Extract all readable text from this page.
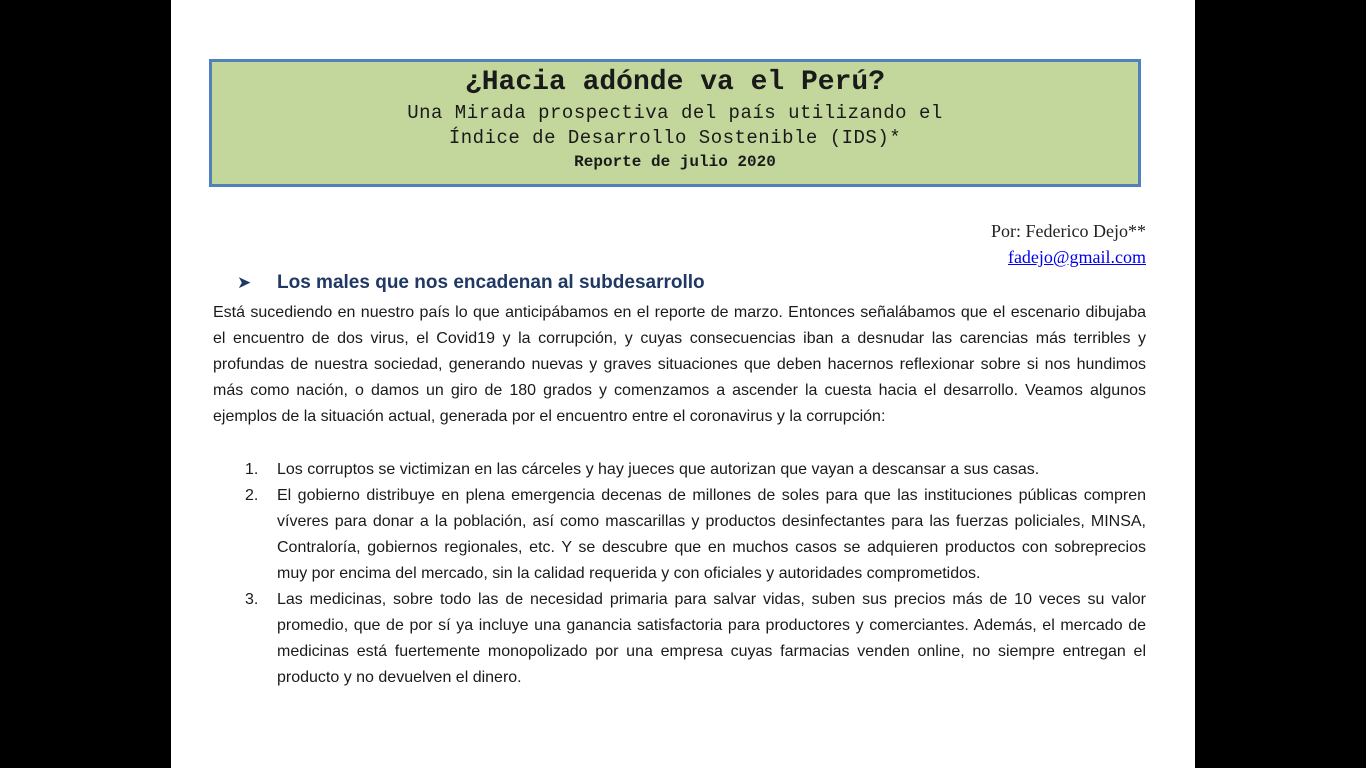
¿Hacia adónde va el Perú?
Una Mirada prospectiva del país utilizando el
Índice de Desarrollo Sostenible (IDS)*
Reporte de julio 2020
Por: Federico Dejo**
fadejo@gmail.com
➤	Los males que nos encadenan al subdesarrollo
Está sucediendo en nuestro país lo que anticipábamos en el reporte de marzo. Entonces señalábamos que el escenario dibujaba el encuentro de dos virus, el Covid19 y la corrupción, y cuyas consecuencias iban a desnudar las carencias más terribles y profundas de nuestra sociedad, generando nuevas y graves situaciones que deben hacernos reflexionar sobre si nos hundimos más como nación, o damos un giro de 180 grados y comenzamos a ascender la cuesta hacia el desarrollo. Veamos algunos ejemplos de la situación actual, generada por el encuentro entre el coronavirus y la corrupción:
1. Los corruptos se victimizan en las cárceles y hay jueces que autorizan que vayan a descansar a sus casas.
2. El gobierno distribuye en plena emergencia decenas de millones de soles para que las instituciones públicas compren víveres para donar a la población, así como mascarillas y productos desinfectantes para las fuerzas policiales, MINSA, Contraloría, gobiernos regionales, etc. Y se descubre que en muchos casos se adquieren productos con sobreprecios muy por encima del mercado, sin la calidad requerida y con oficiales y autoridades comprometidos.
3. Las medicinas, sobre todo las de necesidad primaria para salvar vidas, suben sus precios más de 10 veces su valor promedio, que de por sí ya incluye una ganancia satisfactoria para productores y comerciantes. Además, el mercado de medicinas está fuertemente monopolizado por una empresa cuyas farmacias venden online, no siempre entregan el producto y no devuelven el dinero.
